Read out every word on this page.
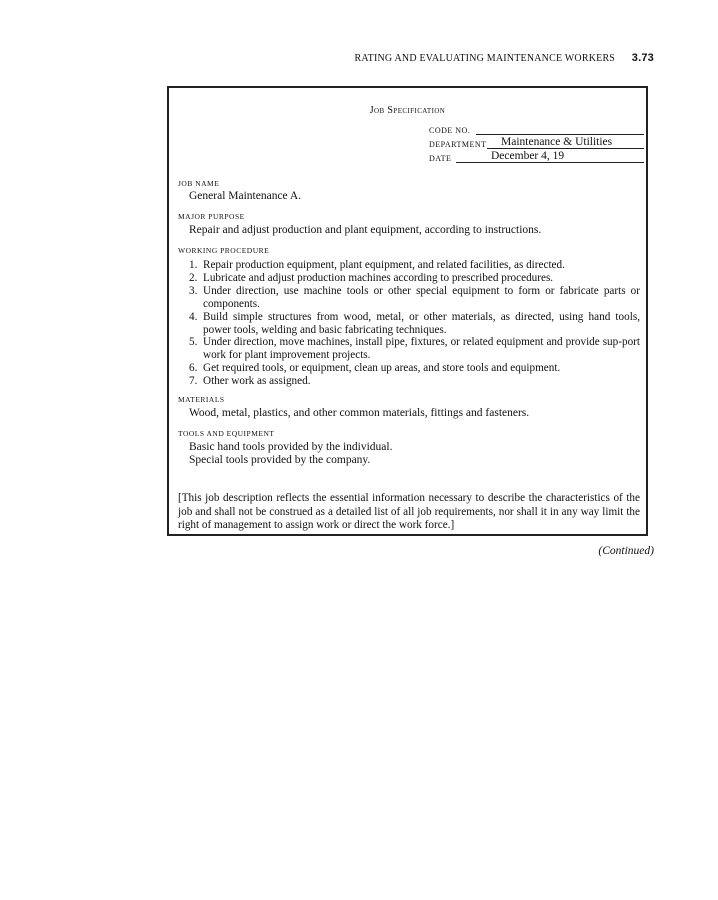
RATING AND EVALUATING MAINTENANCE WORKERS 3.73
Job Specification
CODE NO.
DEPARTMENT Maintenance & Utilities
DATE	December 4, 19
JOB NAME
General Maintenance A.
MAJOR PURPOSE
Repair and adjust production and plant equipment, according to instructions.
WORKING PROCEDURE
1. Repair production equipment, plant equipment, and related facilities, as directed.
2. Lubricate and adjust production machines according to prescribed procedures.
3. Under direction, use machine tools or other special equipment to form or fabricate parts or components.
4. Build simple structures from wood, metal, or other materials, as directed, using hand tools, power tools, welding and basic fabricating techniques.
5. Under direction, move machines, install pipe, fixtures, or related equipment and provide sup-port work for plant improvement projects.
6. Get required tools, or equipment, clean up areas, and store tools and equipment.
7. Other work as assigned.
MATERIALS
Wood, metal, plastics, and other common materials, fittings and fasteners.
TOOLS AND EQUIPMENT

Basic hand tools provided by the individual.

Special tools provided by the company.

[This job description reflects the essential information necessary to describe the characteristics of the job and shall not be construed as a detailed list of all job requirements, nor shall it in any way limit the right of management to assign work or direct the work force.]
(Continued)
